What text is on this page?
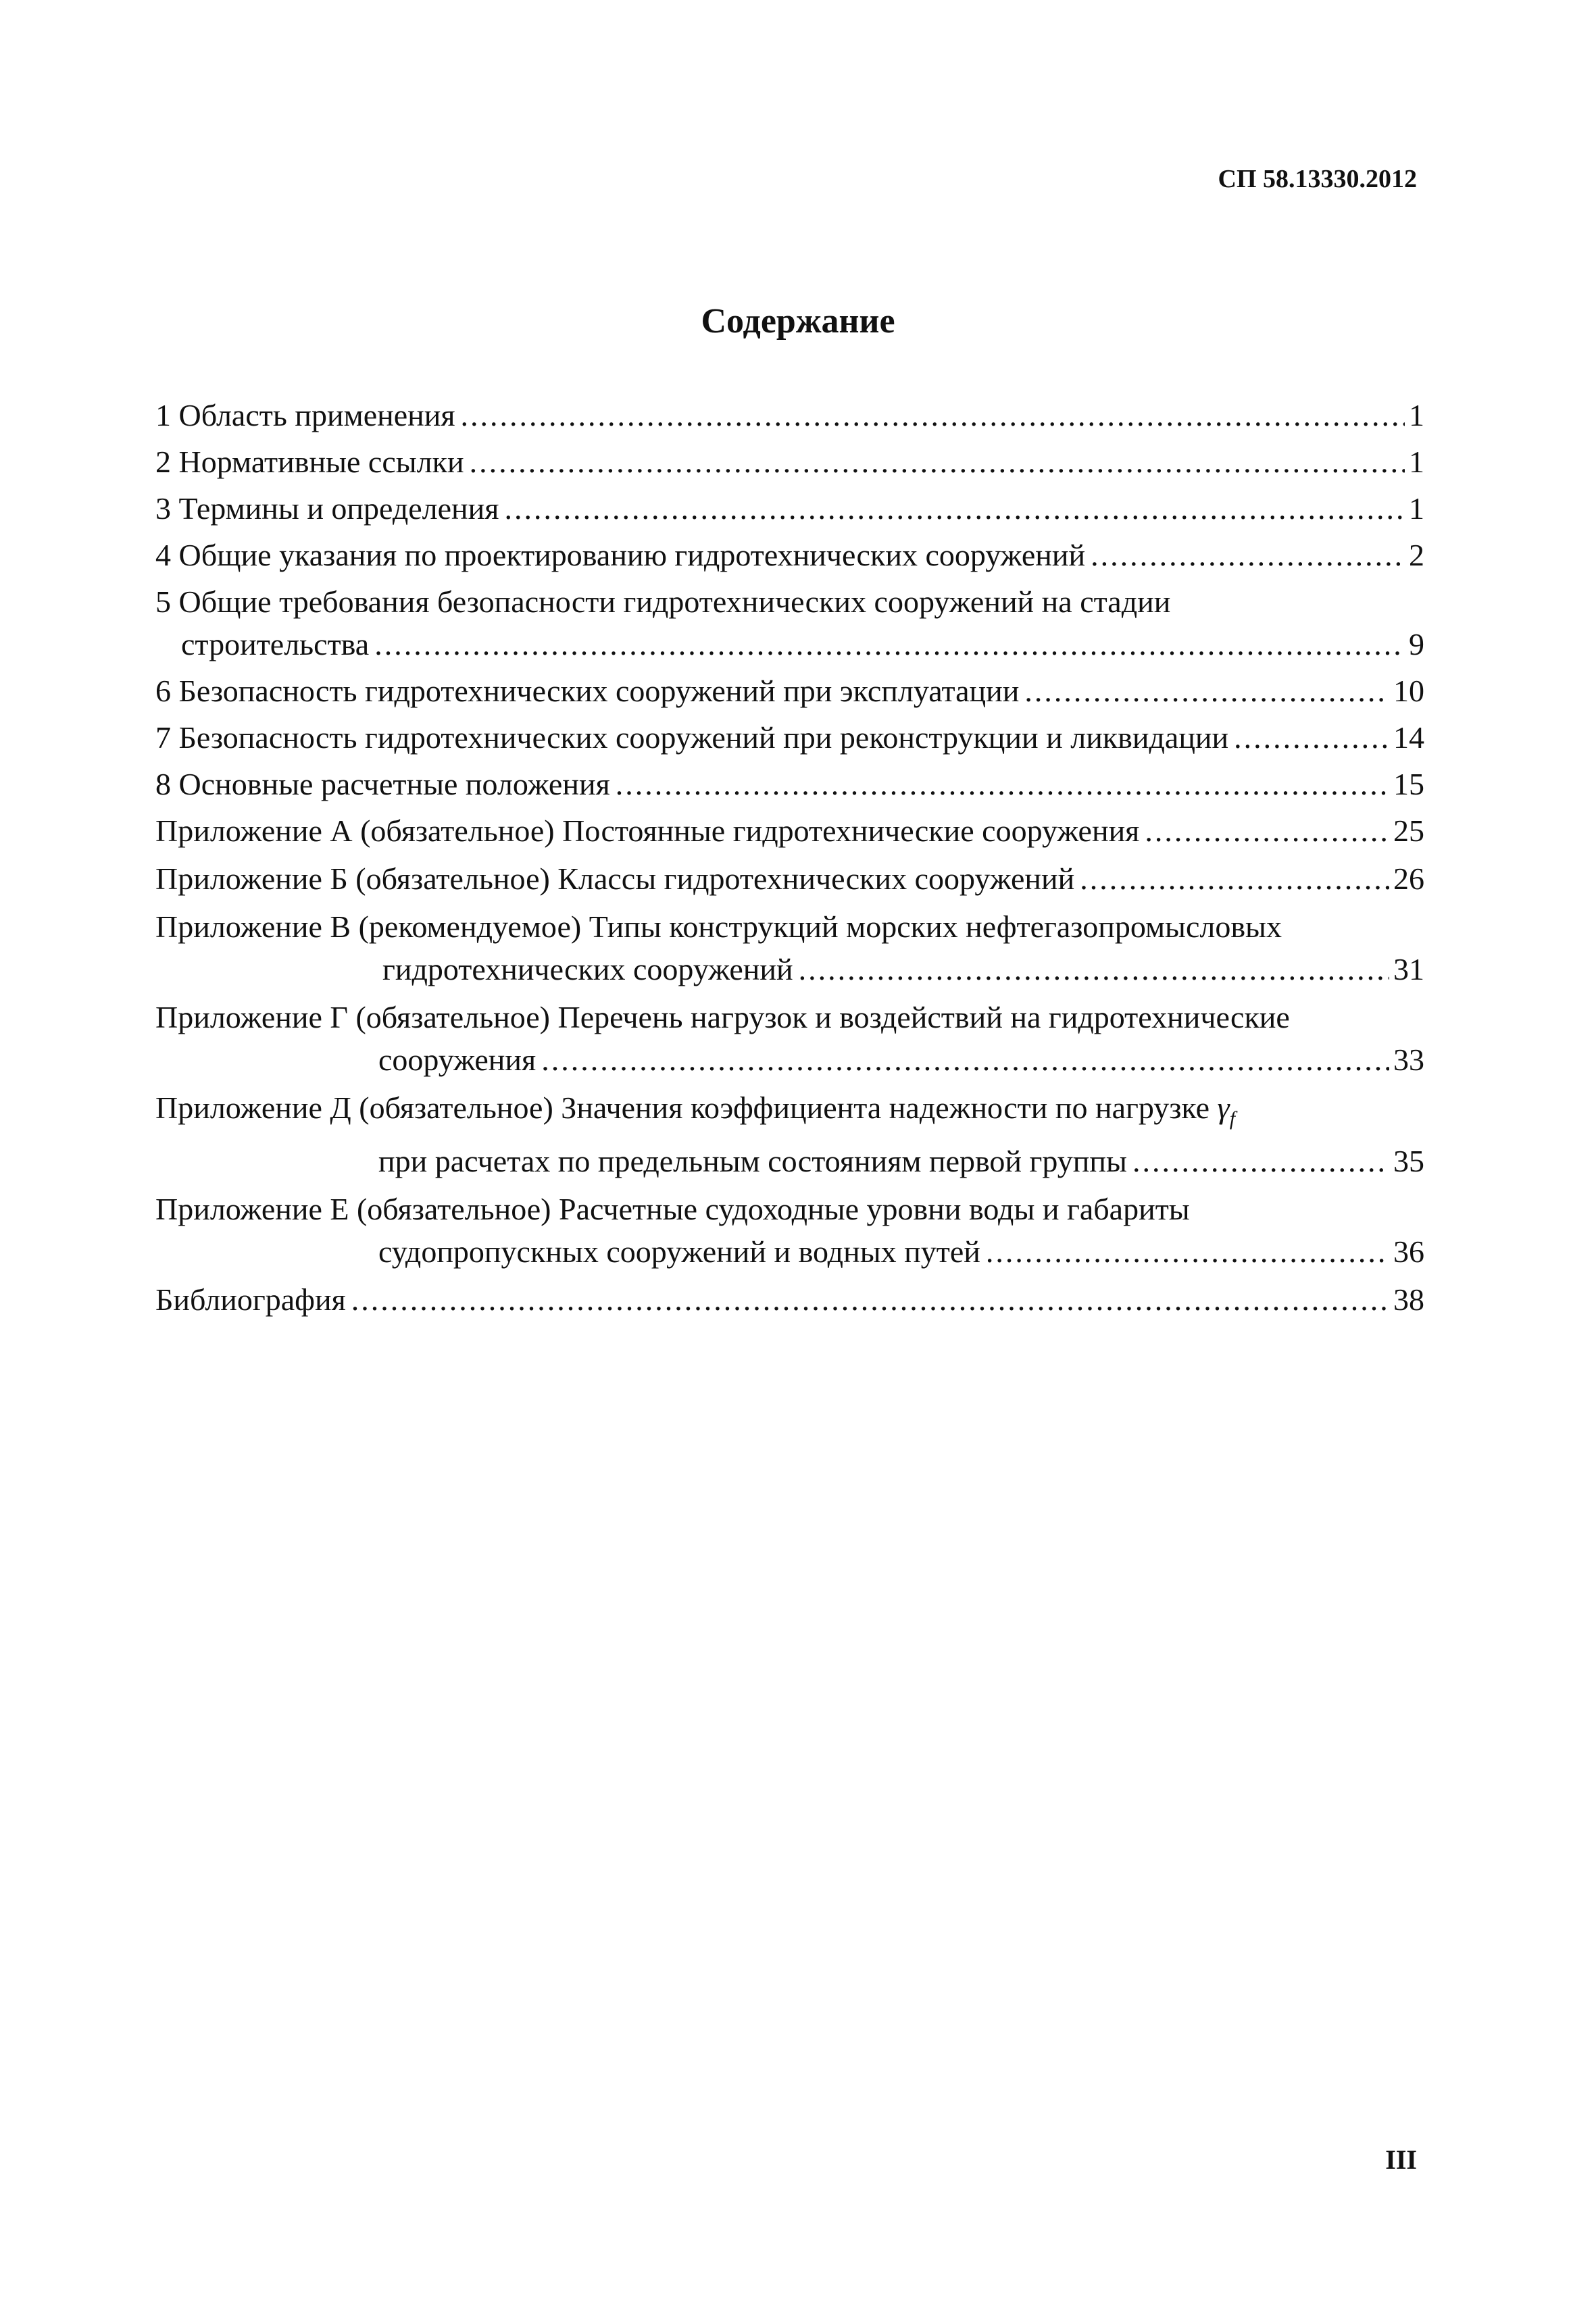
СП 58.13330.2012
Содержание
1 Область применения .....	1
2 Нормативные ссылки .....	1
3 Термины и определения .....	1
4 Общие указания по проектированию гидротехнических сооружений .....	2
5 Общие требования безопасности гидротехнических сооружений на стадии
строительства .....	9
6 Безопасность гидротехнических сооружений при эксплуатации .....	10
7 Безопасность гидротехнических сооружений при реконструкции и ликвидации .....	14
8 Основные расчетные положения .....	15
Приложение А (обязательное) Постоянные гидротехнические сооружения .....	25
Приложение Б (обязательное) Классы гидротехнических сооружений .....	26
Приложение В (рекомендуемое) Типы конструкций морских нефтегазопромысловых
гидротехнических сооружений .....	31
Приложение Г (обязательное) Перечень нагрузок и воздействий на гидротехнические
сооружения .....	33
Приложение Д (обязательное) Значения коэффициента надежности по нагрузке $\gamma_f$
при расчетах по предельным состояниям первой группы .....	35
Приложение Е (обязательное) Расчетные судоходные уровни воды и габариты
судопропускных сооружений и водных путей .....	36
Библиография .....	38
III
